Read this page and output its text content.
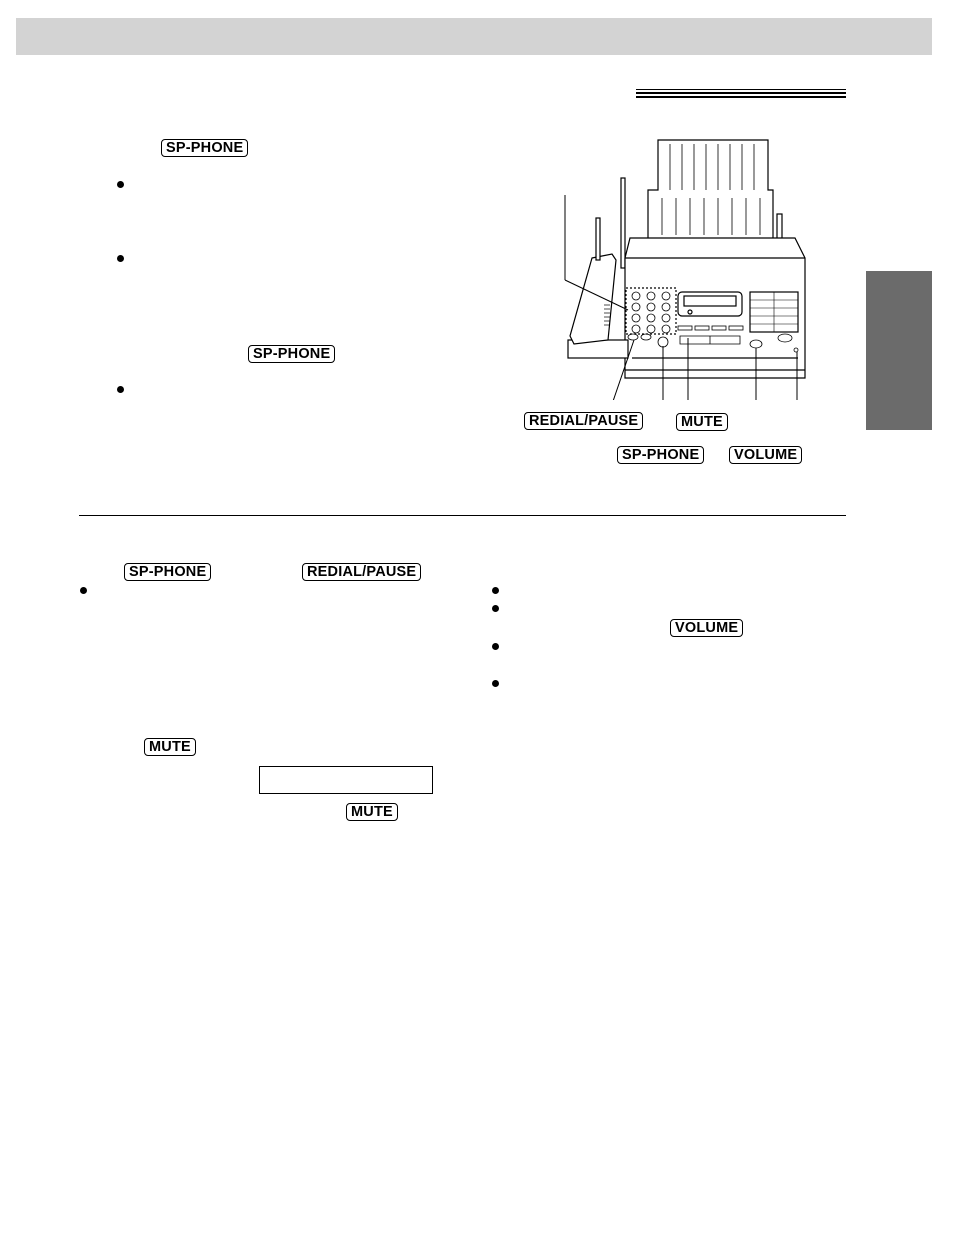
SP-PHONE
SP-PHONE
REDIAL/PAUSE	MUTE
SP-PHONE	VOLUME
SP-PHONE	REDIAL/PAUSE
MUTE
MUTE
VOLUME
